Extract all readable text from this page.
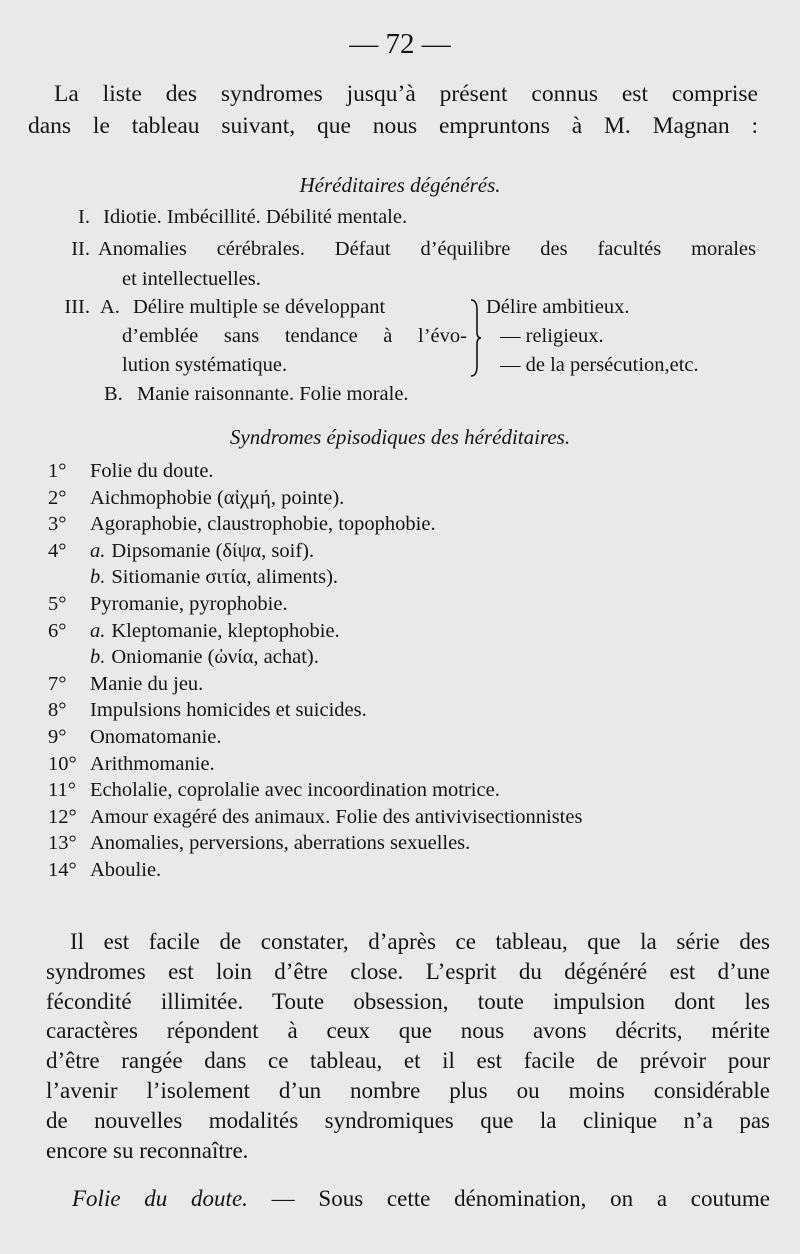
— 72 —
La liste des syndromes jusqu’à présent connus est comprise
dans le tableau suivant, que nous empruntons à M. Magnan :
Héréditaires dégénérés.
I. Idiotie. Imbécillité. Débilité mentale.
II. Anomalies cérébrales. Défaut d’équilibre des facultés morales
et intellectuelles.
III. A. Délire multiple se développant
d’emblée sans tendance à l’évo-
lution systématique.
Délire ambitieux.
— religieux.
— de la persécution,etc.
B. Manie raisonnante. Folie morale.
Syndromes épisodiques des héréditaires.
1° Folie du doute.
2° Aichmophobie (αἰχμή, pointe).
3° Agoraphobie, claustrophobie, topophobie.
4° a. Dipsomanie (δίψα, soif).
b. Sitiomanie σιτία, aliments).
5° Pyromanie, pyrophobie.
6° a. Kleptomanie, kleptophobie.
b. Oniomanie (ὠνία, achat).
7° Manie du jeu.
8° Impulsions homicides et suicides.
9° Onomatomanie.
10° Arithmomanie.
11° Echolalie, coprolalie avec incoordination motrice.
12° Amour exagéré des animaux. Folie des antivivisectionnistes
13° Anomalies, perversions, aberrations sexuelles.
14° Aboulie.
Il est facile de constater, d’après ce tableau, que la série des
syndromes est loin d’être close. L’esprit du dégénéré est d’une
fécondité illimitée. Toute obsession, toute impulsion dont les
caractères répondent à ceux que nous avons décrits, mérite
d’être rangée dans ce tableau, et il est facile de prévoir pour
l’avenir l’isolement d’un nombre plus ou moins considérable
de nouvelles modalités syndromiques que la clinique n’a pas
encore su reconnaître.
Folie du doute. — Sous cette dénomination, on a coutume
